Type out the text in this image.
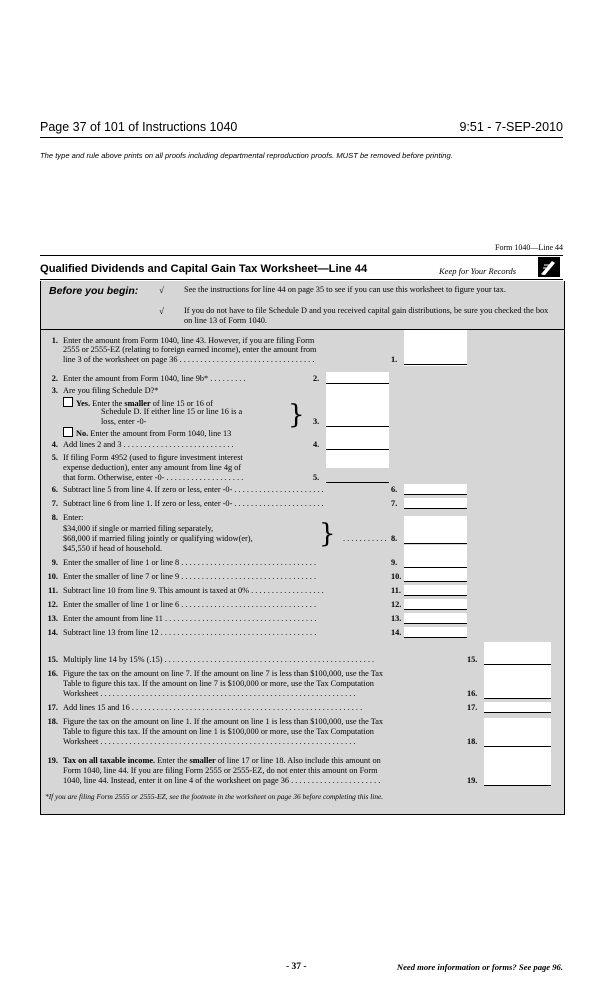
Page 37 of 101 of Instructions 1040	9:51 - 7-SEP-2010
The type and rule above prints on all proofs including departmental reproduction proofs. MUST be removed before printing.
Form 1040—Line 44
Qualified Dividends and Capital Gain Tax Worksheet—Line 44	Keep for Your Records
Before you begin: √ See the instructions for line 44 on page 35 to see if you can use this worksheet to figure your tax.
√ If you do not have to file Schedule D and you received capital gain distributions, be sure you checked the box on line 13 of Form 1040.
1. Enter the amount from Form 1040, line 43. However, if you are filing Form
2555 or 2555-EZ (relating to foreign earned income), enter the amount from
line 3 of the worksheet on page 36 . . . . . . . . . . . . . . . . . . . . . . . . . . . . . . . . .	1.
2. Enter the amount from Form 1040, line 9b* . . . . . . . . .	2.
3. Are you filing Schedule D?*
Yes. Enter the smaller of line 15 or 16 of
Schedule D. If either line 15 or line 16 is a
loss, enter -0-	3.
No. Enter the amount from Form 1040, line 13
}
4. Add lines 2 and 3 . . . . . . . . . . . . . . . . . . . . . . . . . . .	4.
5. If filing Form 4952 (used to figure investment interest
expense deduction), enter any amount from line 4g of
that form. Otherwise, enter -0- . . . . . . . . . . . . . . . . . . .	5.
6. Subtract line 5 from line 4. If zero or less, enter -0- . . . . . . . . . . . . . . . . . . . . . .	6.
7. Subtract line 6 from line 1. If zero or less, enter -0- . . . . . . . . . . . . . . . . . . . . . .	7.
8. Enter:
$34,000 if single or married filing separately,
$68,000 if married filing jointly or qualifying widow(er),	. . . . . . . . . . . 8.
$45,550 if head of household.	}
9. Enter the smaller of line 1 or line 8 . . . . . . . . . . . . . . . . . . . . . . . . . . . . . . . . .	9.
10. Enter the smaller of line 7 or line 9 . . . . . . . . . . . . . . . . . . . . . . . . . . . . . . . . .	10.
11. Subtract line 10 from line 9. This amount is taxed at 0% . . . . . . . . . . . . . . . . . .	11.
12. Enter the smaller of line 1 or line 6 . . . . . . . . . . . . . . . . . . . . . . . . . . . . . . . . .	12.
13. Enter the amount from line 11 . . . . . . . . . . . . . . . . . . . . . . . . . . . . . . . . . . . . .	13.
14. Subtract line 13 from line 12 . . . . . . . . . . . . . . . . . . . . . . . . . . . . . . . . . . . . . .	14.
15. Multiply line 14 by 15% (.15) . . . . . . . . . . . . . . . . . . . . . . . . . . . . . . . . . . . . . . . . . . . . . . . . . . .	15.
16. Figure the tax on the amount on line 7. If the amount on line 7 is less than $100,000, use the Tax
Table to figure this tax. If the amount on line 7 is $100,000 or more, use the Tax Computation
Worksheet . . . . . . . . . . . . . . . . . . . . . . . . . . . . . . . . . . . . . . . . . . . . . . . . . . . . . . . . . . . . . .	16.
17. Add lines 15 and 16 . . . . . . . . . . . . . . . . . . . . . . . . . . . . . . . . . . . . . . . . . . . . . . . . . . . . . . . .	17.
18. Figure the tax on the amount on line 1. If the amount on line 1 is less than $100,000, use the Tax
Table to figure this tax. If the amount on line 1 is $100,000 or more, use the Tax Computation
Worksheet . . . . . . . . . . . . . . . . . . . . . . . . . . . . . . . . . . . . . . . . . . . . . . . . . . . . . . . . . . . . . .	18.
19. Tax on all taxable income. Enter the smaller of line 17 or line 18. Also include this amount on
Form 1040, line 44. If you are filing Form 2555 or 2555-EZ, do not enter this amount on Form
1040, line 44. Instead, enter it on line 4 of the worksheet on page 36 . . . . . . . . . . . . . . . . . . . . . .	19.
*If you are filing Form 2555 or 2555-EZ, see the footnote in the worksheet on page 36 before completing this line.
- 37 -	Need more information or forms? See page 96.
